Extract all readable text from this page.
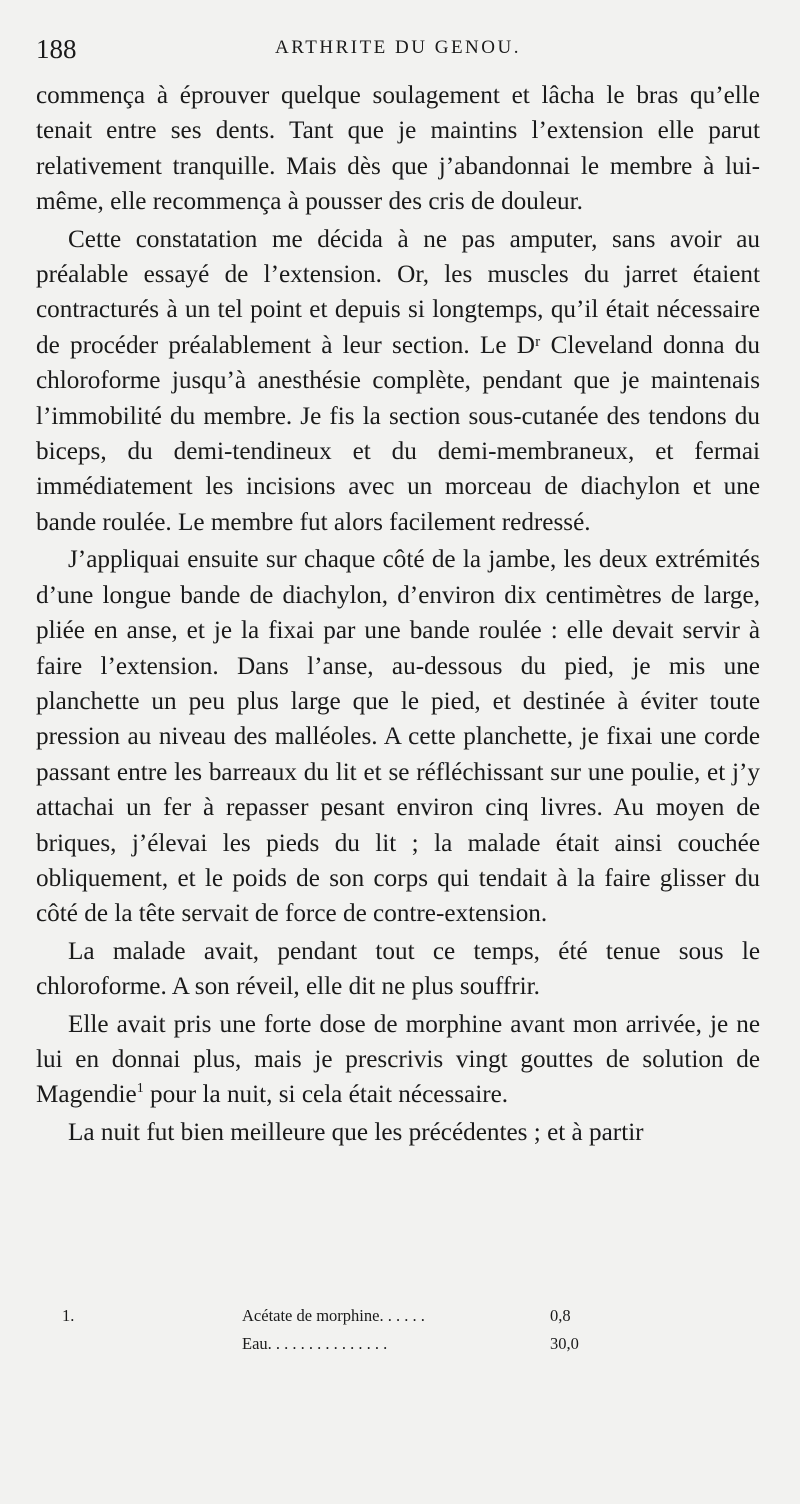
188	ARTHRITE DU GENOU.

commença à éprouver quelque soulagement et lâcha le bras qu’elle tenait entre ses dents. Tant que je maintins l’extension elle parut relativement tranquille. Mais dès que j’abandonnai le membre à lui-même, elle recommença à pousser des cris de douleur.

Cette constatation me décida à ne pas amputer, sans avoir au préalable essayé de l’extension. Or, les muscles du jarret étaient contracturés à un tel point et depuis si longtemps, qu’il était nécessaire de procéder préalablement à leur section. Le Dʳ Cleveland donna du chloroforme jusqu’à anesthésie complète, pendant que je maintenais l’immobilité du membre. Je fis la section sous-cutanée des tendons du biceps, du demi-tendineux et du demi-membraneux, et fermai immédiatement les incisions avec un morceau de diachylon et une bande roulée. Le membre fut alors facilement redressé.

J’appliquai ensuite sur chaque côté de la jambe, les deux extrémités d’une longue bande de diachylon, d’environ dix centimètres de large, pliée en anse, et je la fixai par une bande roulée : elle devait servir à faire l’extension. Dans l’anse, au-dessous du pied, je mis une planchette un peu plus large que le pied, et destinée à éviter toute pression au niveau des malléoles. A cette planchette, je fixai une corde passant entre les barreaux du lit et se réfléchissant sur une poulie, et j’y attachai un fer à repasser pesant environ cinq livres. Au moyen de briques, j’élevai les pieds du lit ; la malade était ainsi couchée obliquement, et le poids de son corps qui tendait à la faire glisser du côté de la tête servait de force de contre-extension.

La malade avait, pendant tout ce temps, été tenue sous le chloroforme. A son réveil, elle dit ne plus souffrir.

Elle avait pris une forte dose de morphine avant mon arrivée, je ne lui en donnai plus, mais je prescrivis vingt gouttes de solution de Magendie$^1$ pour la nuit, si cela était nécessaire.

La nuit fut bien meilleure que les précédentes ; et à partir

1.	Acétate de morphine. . . . . .	0,8
Eau. . . . . . . . . . . . . . .	30,0
